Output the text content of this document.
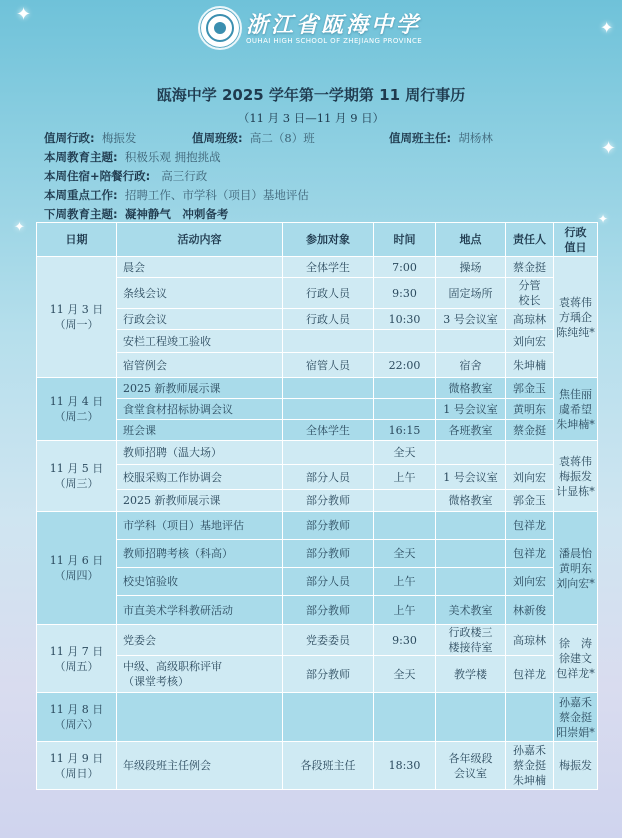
✦
✦
✦
✦
✦
✦
浙江省瓯海中学
OUHAI HIGH SCHOOL OF ZHEJIANG PROVINCE
瓯海中学 2025 学年第一学期第 11 周行事历
（11 月 3 日—11 月 9 日）
值周行政: 梅振发	值周班级: 高二（8）班	值周班主任: 胡杨林
本周教育主题: 积极乐观 拥抱挑战
本周住宿+陪餐行政: 高三行政
本周重点工作: 招聘工作、市学科（项目）基地评估
下周教育主题: 凝神静气　冲刺备考
日期	活动内容	参加对象	时间	地点	责任人	行政
值日
11 月 3 日
（周一）	晨会	全体学生	7:00	操场	蔡金挺	袁蒋伟
方瑀企
陈纯纯*
	条线会议	行政人员	9:30	固定场所	分管
校长	
	行政会议	行政人员	10:30	3 号会议室	高琼林	
	安栏工程竣工验收				刘向宏	
	宿管例会	宿管人员	22:00	宿舍	朱坤楠	
11 月 4 日
（周二）	2025 新教师展示课			微格教室	郭金玉	焦佳丽
虞希望
朱坤楠*
	食堂食材招标协调会议			1 号会议室	黄明东	
	班会课	全体学生	16:15	各班教室	蔡金挺	
11 月 5 日
（周三）	教师招聘（温大场）		全天			袁蒋伟
梅振发
计显栋*
	校服采购工作协调会	部分人员	上午	1 号会议室	刘向宏	
	2025 新教师展示课	部分教师		微格教室	郭金玉	
11 月 6 日
（周四）	市学科（项目）基地评估	部分教师			包祥龙	潘晨怡
黄明东
刘向宏*
	教师招聘考核（科高）	部分教师	全天		包祥龙	
	校史馆验收	部分人员	上午		刘向宏	
	市直美术学科教研活动	部分教师	上午	美术教室	林新俊	
11 月 7 日
（周五）	党委会	党委委员	9:30	行政楼三
楼接待室	高琼林	徐　涛
徐建文
包祥龙*
	中级、高级职称评审
（课堂考核）	部分教师	全天	教学楼	包祥龙	
11 月 8 日
（周六）						孙嘉禾
蔡金挺
阳崇娟*
11 月 9 日
（周日）	年级段班主任例会	各段班主任	18:30	各年级段
会议室	孙嘉禾
蔡金挺
朱坤楠	梅振发
